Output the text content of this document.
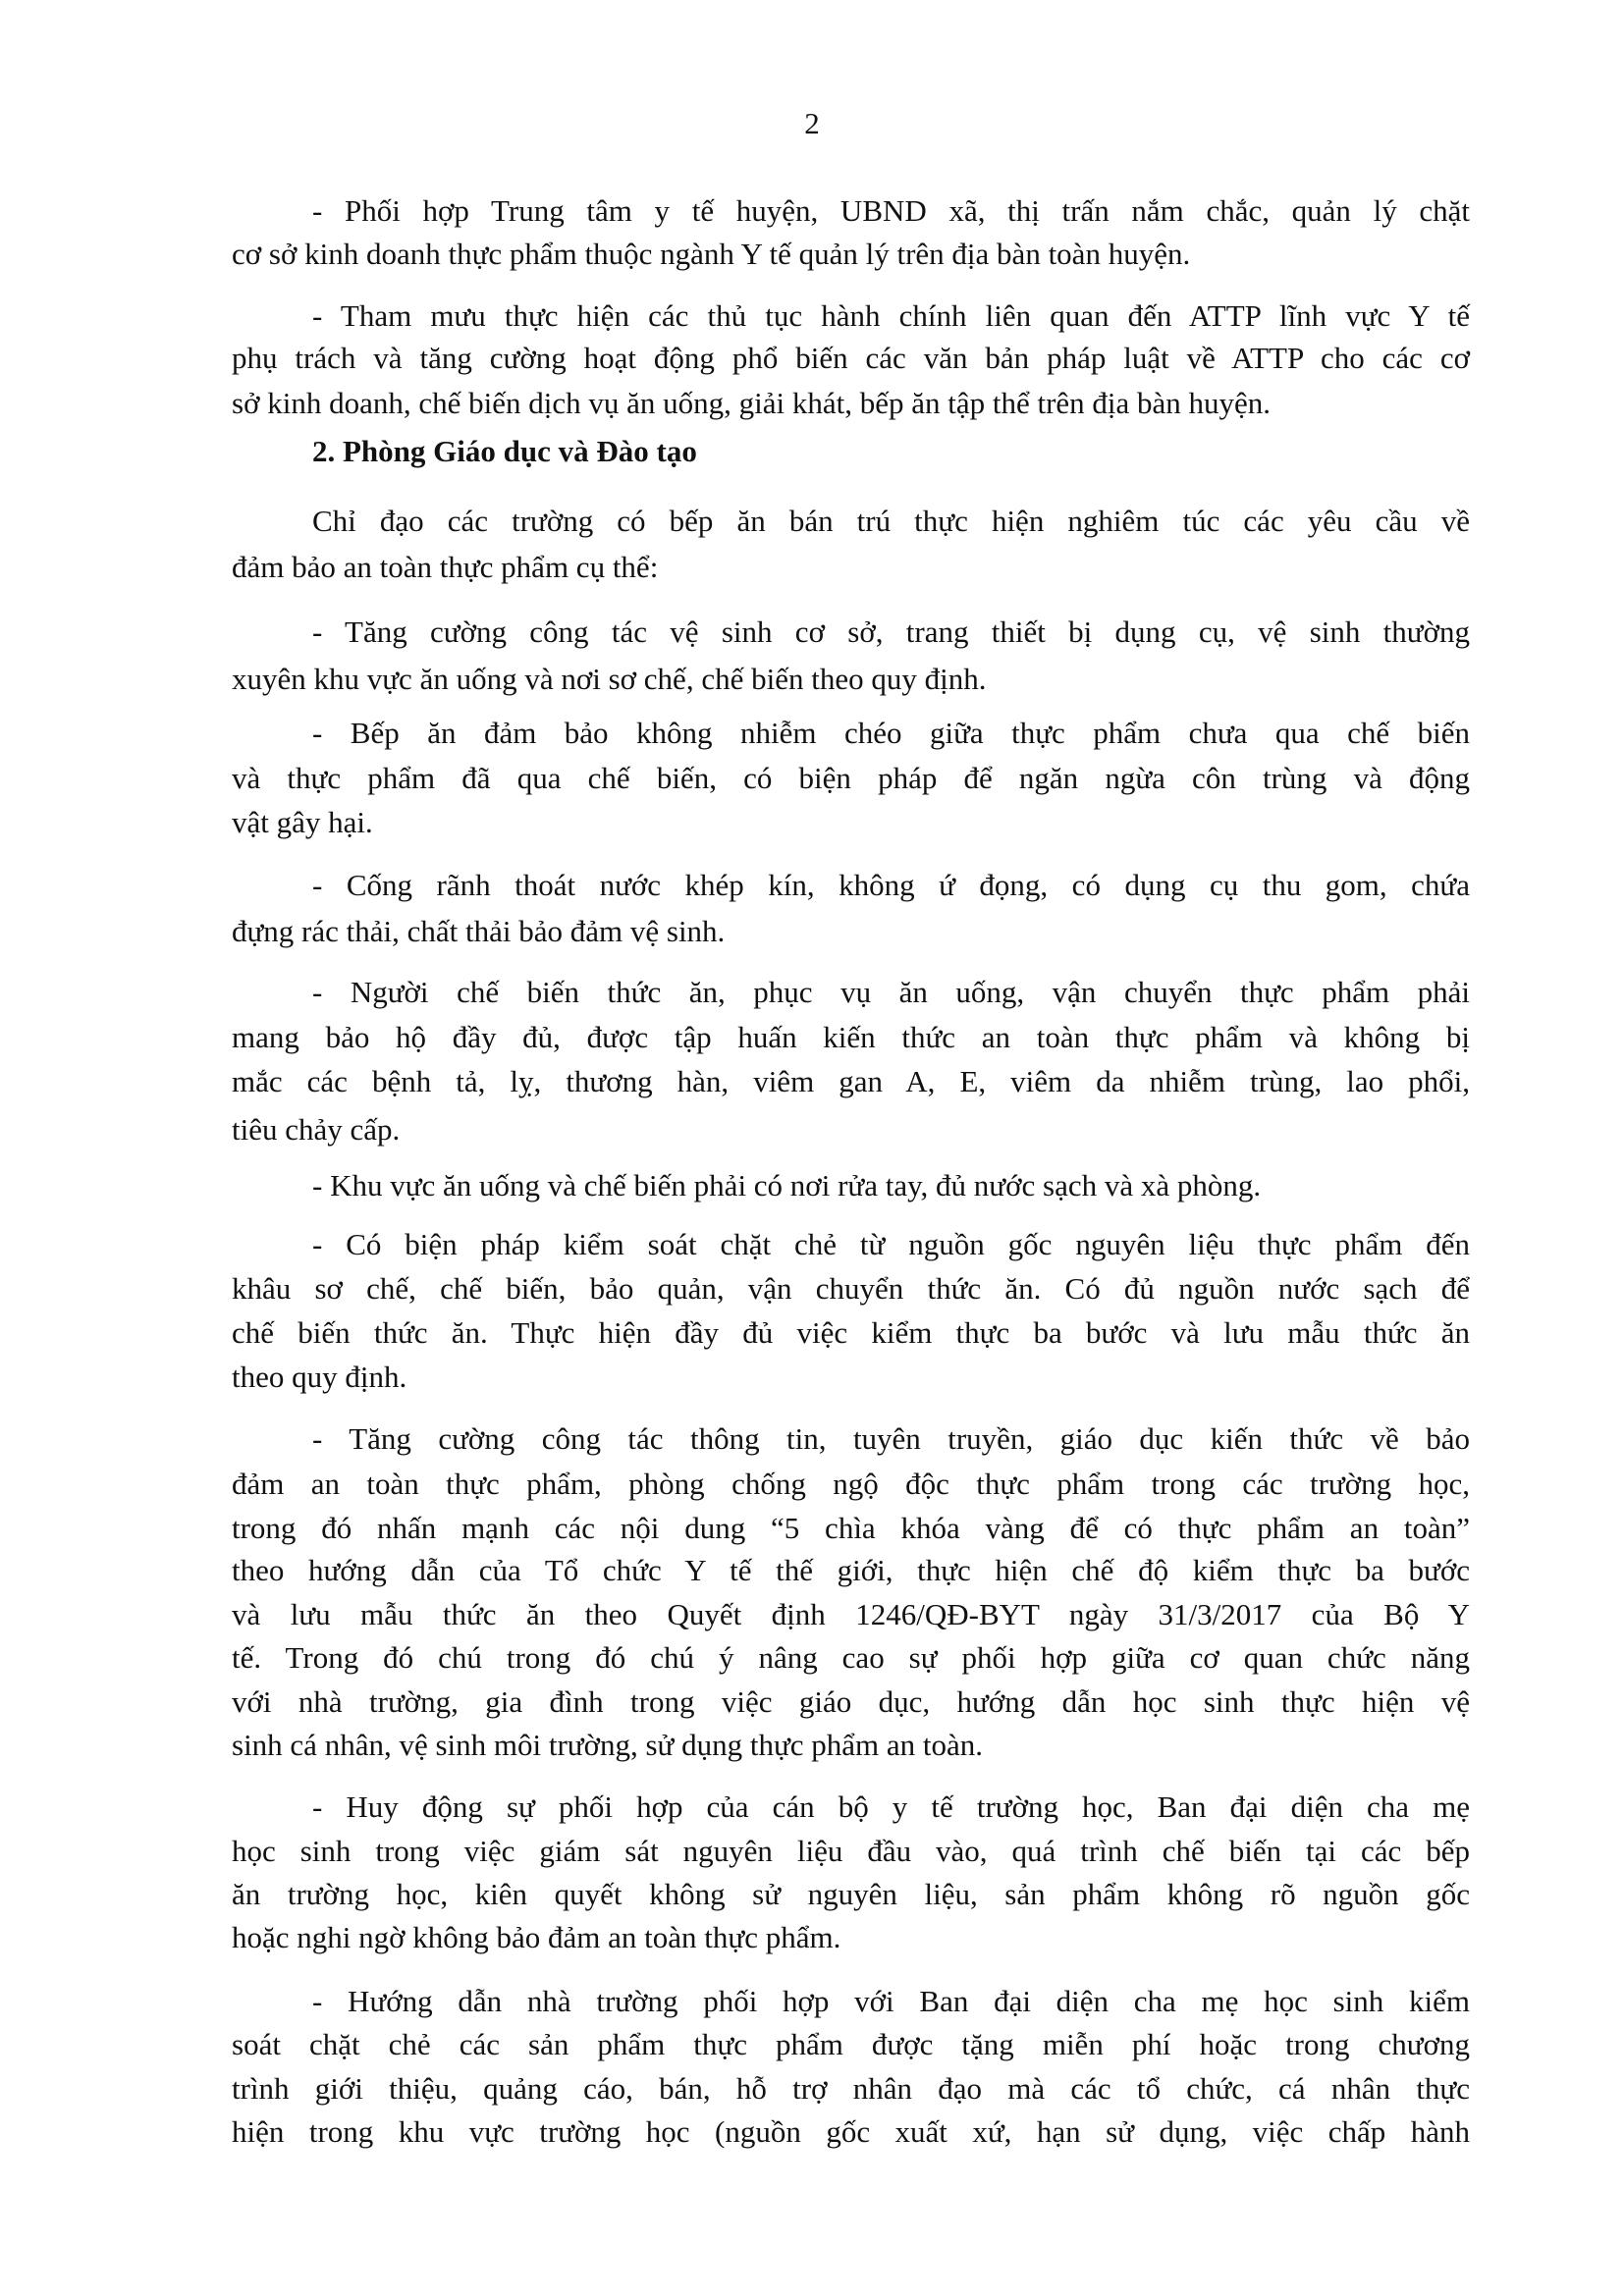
2
- Phối hợp Trung tâm y tế huyện, UBND xã, thị trấn nắm chắc, quản lý chặt
cơ sở kinh doanh thực phẩm thuộc ngành Y tế quản lý trên địa bàn toàn huyện.
- Tham mưu thực hiện các thủ tục hành chính liên quan đến ATTP lĩnh vực Y tế
phụ trách và tăng cường hoạt động phổ biến các văn bản pháp luật về ATTP cho các cơ
sở kinh doanh, chế biến dịch vụ ăn uống, giải khát, bếp ăn tập thể trên địa bàn huyện.
2. Phòng Giáo dục và Đào tạo
Chỉ đạo các trường có bếp ăn bán trú thực hiện nghiêm túc các yêu cầu về
đảm bảo an toàn thực phẩm cụ thể:
- Tăng cường công tác vệ sinh cơ sở, trang thiết bị dụng cụ, vệ sinh thường
xuyên khu vực ăn uống và nơi sơ chế, chế biến theo quy định.
- Bếp ăn đảm bảo không nhiễm chéo giữa thực phẩm chưa qua chế biến
và thực phẩm đã qua chế biến, có biện pháp để ngăn ngừa côn trùng và động
vật gây hại.
- Cống rãnh thoát nước khép kín, không ứ đọng, có dụng cụ thu gom, chứa
đựng rác thải, chất thải bảo đảm vệ sinh.
- Người chế biến thức ăn, phục vụ ăn uống, vận chuyển thực phẩm phải
mang bảo hộ đầy đủ, được tập huấn kiến thức an toàn thực phẩm và không bị
mắc các bệnh tả, lỵ, thương hàn, viêm gan A, E, viêm da nhiễm trùng, lao phổi,
tiêu chảy cấp.
- Khu vực ăn uống và chế biến phải có nơi rửa tay, đủ nước sạch và xà phòng.
- Có biện pháp kiểm soát chặt chẻ từ nguồn gốc nguyên liệu thực phẩm đến
khâu sơ chế, chế biến, bảo quản, vận chuyển thức ăn. Có đủ nguồn nước sạch để
chế biến thức ăn. Thực hiện đầy đủ việc kiểm thực ba bước và lưu mẫu thức ăn
theo quy định.
- Tăng cường công tác thông tin, tuyên truyền, giáo dục kiến thức về bảo
đảm an toàn thực phẩm, phòng chống ngộ độc thực phẩm trong các trường học,
trong đó nhấn mạnh các nội dung “5 chìa khóa vàng để có thực phẩm an toàn”
theo hướng dẫn của Tổ chức Y tế thế giới, thực hiện chế độ kiểm thực ba bước
và lưu mẫu thức ăn theo Quyết định 1246/QĐ-BYT ngày 31/3/2017 của Bộ Y
tế. Trong đó chú trong đó chú ý nâng cao sự phối hợp giữa cơ quan chức năng
với nhà trường, gia đình trong việc giáo dục, hướng dẫn học sinh thực hiện vệ
sinh cá nhân, vệ sinh môi trường, sử dụng thực phẩm an toàn.
- Huy động sự phối hợp của cán bộ y tế trường học, Ban đại diện cha mẹ
học sinh trong việc giám sát nguyên liệu đầu vào, quá trình chế biến tại các bếp
ăn trường học, kiên quyết không sử nguyên liệu, sản phẩm không rõ nguồn gốc
hoặc nghi ngờ không bảo đảm an toàn thực phẩm.
- Hướng dẫn nhà trường phối hợp với Ban đại diện cha mẹ học sinh kiểm
soát chặt chẻ các sản phẩm thực phẩm được tặng miễn phí hoặc trong chương
trình giới thiệu, quảng cáo, bán, hỗ trợ nhân đạo mà các tổ chức, cá nhân thực
hiện trong khu vực trường học (nguồn gốc xuất xứ, hạn sử dụng, việc chấp hành
